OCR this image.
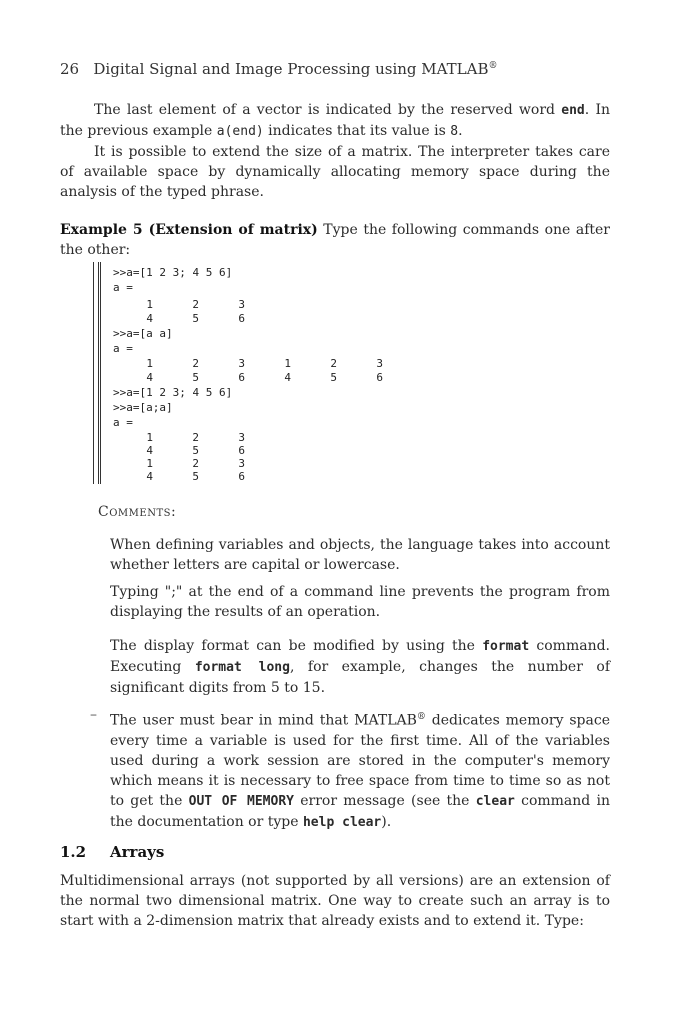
26 Digital Signal and Image Processing using MATLAB®
The last element of a vector is indicated by the reserved word end. In the previous example a(end) indicates that its value is 8.
It is possible to extend the size of a matrix. The interpreter takes care of available space by dynamically allocating memory space during the analysis of the typed phrase.
Example 5 (Extension of matrix) Type the following commands one after the other:
>>a=[1 2 3; 4 5 6]
a =
1	2	3
4	5	6
>>a=[a a]
a =
1	2	3	1	2	3
4	5	6	4	5	6
>>a=[1 2 3; 4 5 6]
>>a=[a;a]
a =
1	2	3
4	5	6
1	2	3
4	5	6
Comments:
When defining variables and objects, the language takes into account whether letters are capital or lowercase.
Typing ";" at the end of a command line prevents the program from displaying the results of an operation.
The display format can be modified by using the format command. Executing format long, for example, changes the number of significant digits from 5 to 15.
– The user must bear in mind that MATLAB® dedicates memory space every time a variable is used for the first time. All of the variables used during a work session are stored in the computer's memory which means it is necessary to free space from time to time so as not to get the OUT OF MEMORY error message (see the clear command in the documentation or type help clear).
1.2 Arrays
Multidimensional arrays (not supported by all versions) are an extension of the normal two dimensional matrix. One way to create such an array is to start with a 2-dimension matrix that already exists and to extend it. Type:
